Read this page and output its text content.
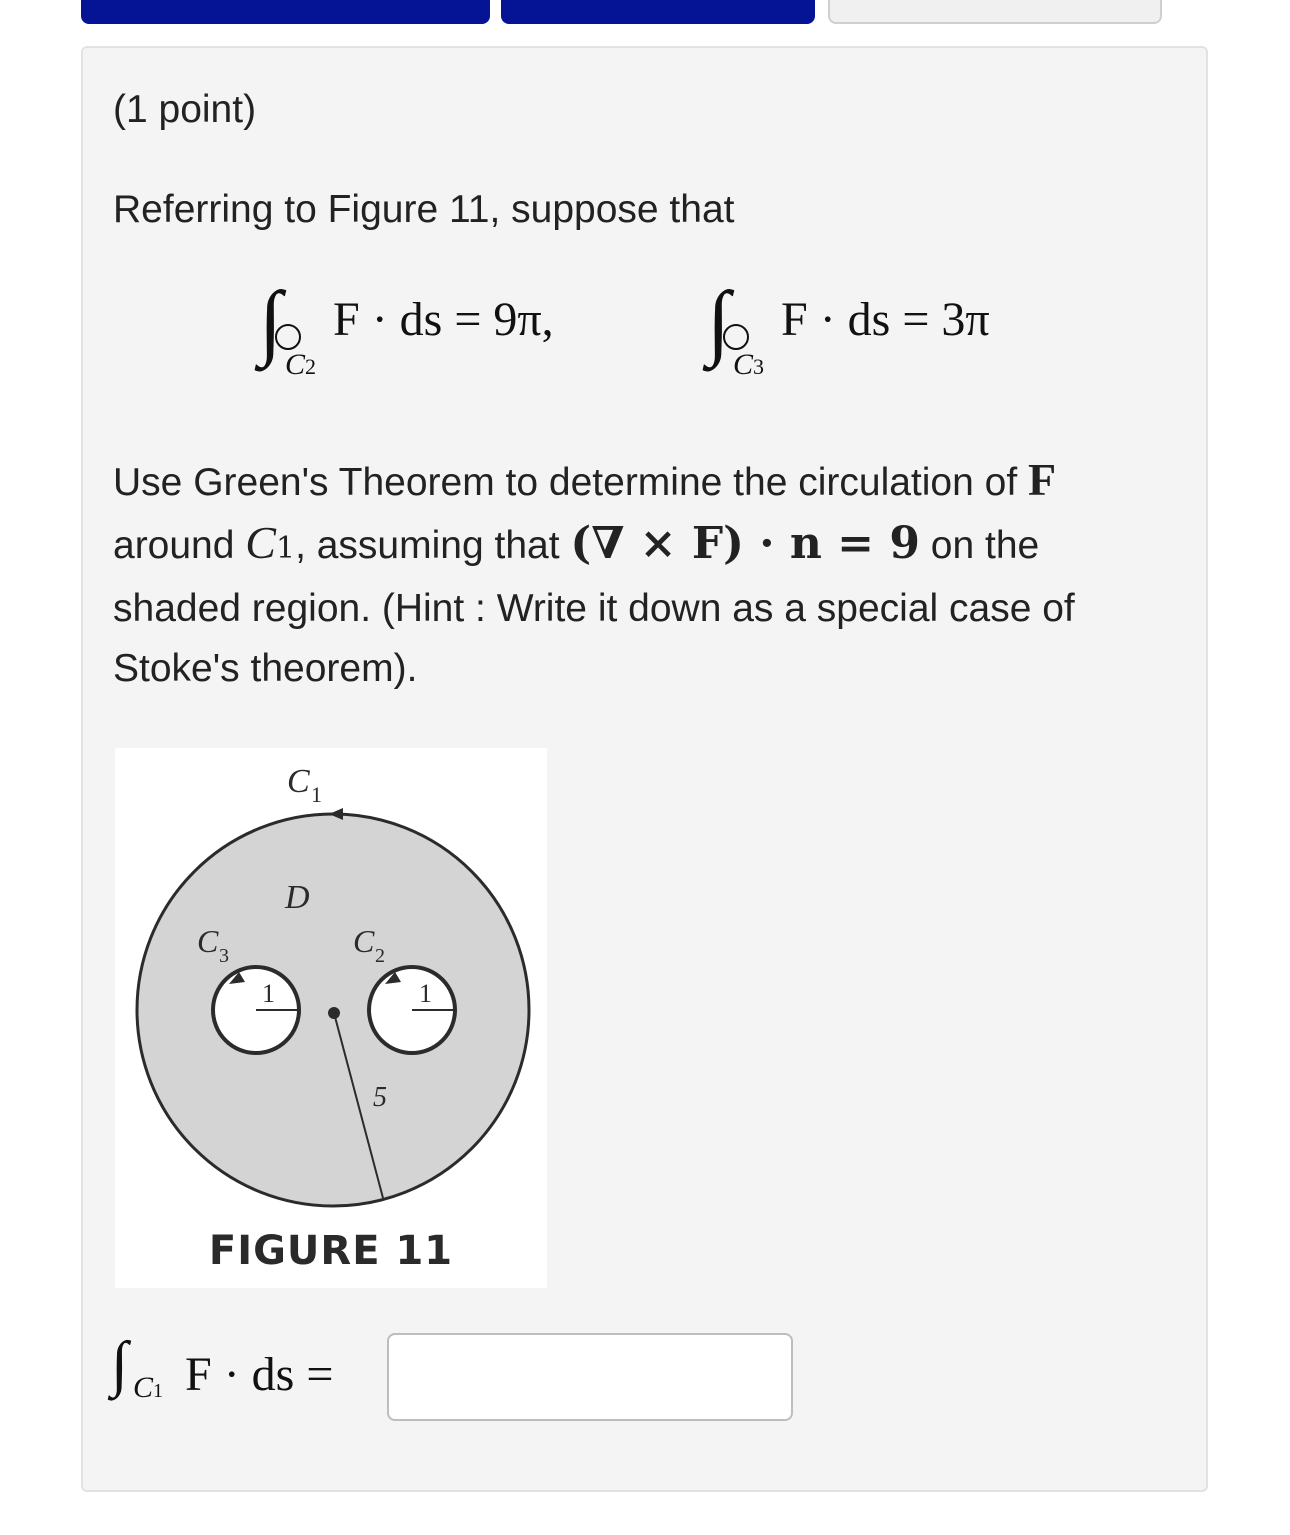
(1 point)
Referring to Figure 11, suppose that
∫ C2
F · ds = 9π, ∫ C3
F · ds = 3π
Use Green's Theorem to determine the circulation of F
around C1, assuming that (∇ × F) · n = 9 on the
shaded region. (Hint : Write it down as a special case of
Stoke's theorem).
C 1
D
C 3	C 2
1	1
5
FIGURE 11
∫ C1 F · ds =
